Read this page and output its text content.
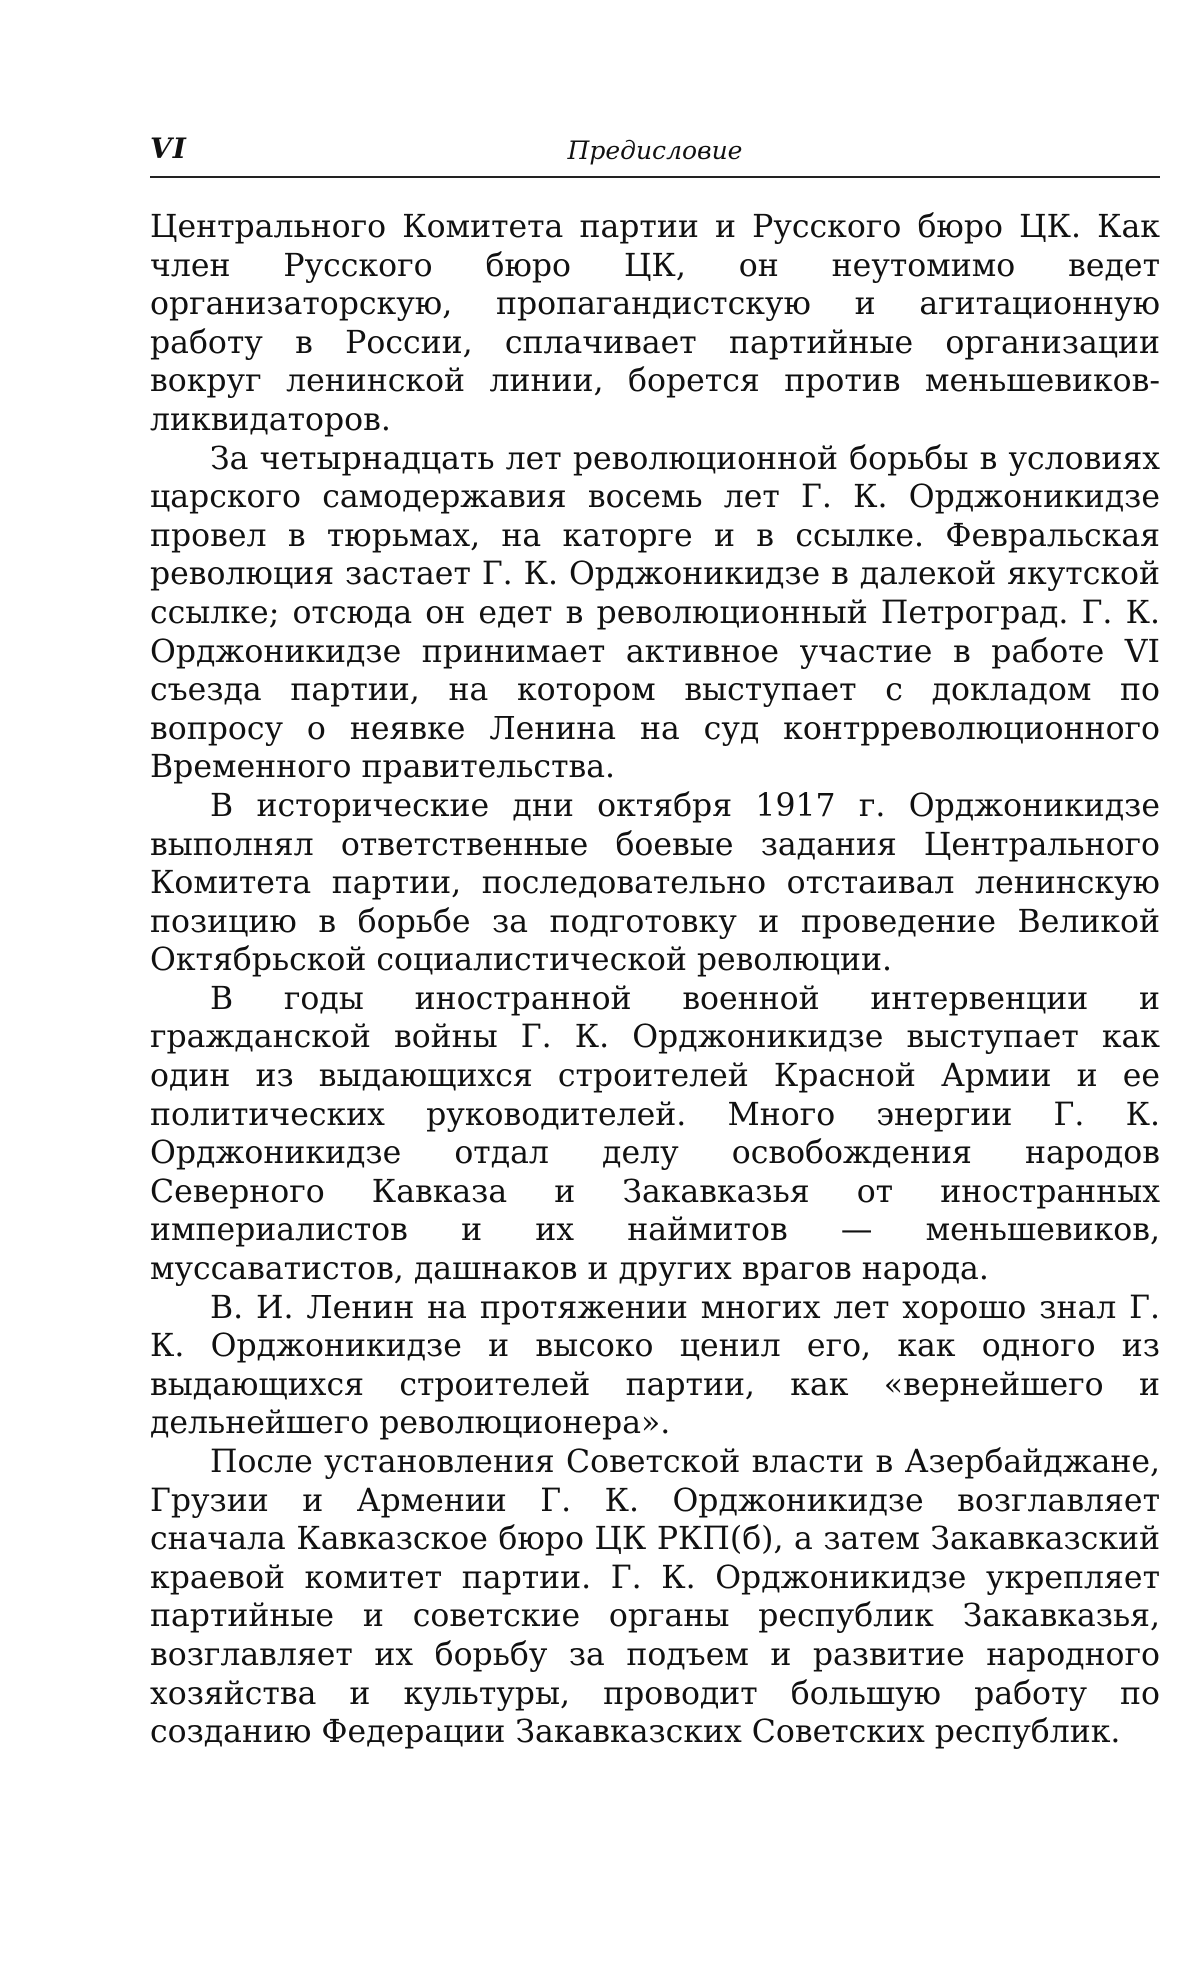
VI	Предисловие

Центрального Комитета партии и Русского бюро ЦК. Как член Русского бюро ЦК, он неутомимо ведет организаторскую, пропагандистскую и агитационную работу в России, сплачивает партийные организации вокруг ленинской линии, борется против меньшевиков-ликвидаторов.

За четырнадцать лет революционной борьбы в условиях царского самодержавия восемь лет Г. К. Орджоникидзе провел в тюрьмах, на каторге и в ссылке. Февральская революция застает Г. К. Орджоникидзе в далекой якутской ссылке; отсюда он едет в революционный Петроград. Г. К. Орджоникидзе принимает активное участие в работе VI съезда партии, на котором выступает с докладом по вопросу о неявке Ленина на суд контрреволюционного Временного правительства.

В исторические дни октября 1917 г. Орджоникидзе выполнял ответственные боевые задания Центрального Комитета партии, последовательно отстаивал ленинскую позицию в борьбе за подготовку и проведение Великой Октябрьской социалистической революции.

В годы иностранной военной интервенции и гражданской войны Г. К. Орджоникидзе выступает как один из выдающихся строителей Красной Армии и ее политических руководителей. Много энергии Г. К. Орджоникидзе отдал делу освобождения народов Северного Кавказа и Закавказья от иностранных империалистов и их наймитов — меньшевиков, муссаватистов, дашнаков и других врагов народа.

В. И. Ленин на протяжении многих лет хорошо знал Г. К. Орджоникидзе и высоко ценил его, как одного из выдающихся строителей партии, как «вернейшего и дельнейшего революционера».

После установления Советской власти в Азербайджане, Грузии и Армении Г. К. Орджоникидзе возглавляет сначала Кавказское бюро ЦК РКП(б), а затем Закавказский краевой комитет партии. Г. К. Орджоникидзе укрепляет партийные и советские органы республик Закавказья, возглавляет их борьбу за подъем и развитие народного хозяйства и культуры, проводит большую работу по созданию Федерации Закавказских Советских республик.
